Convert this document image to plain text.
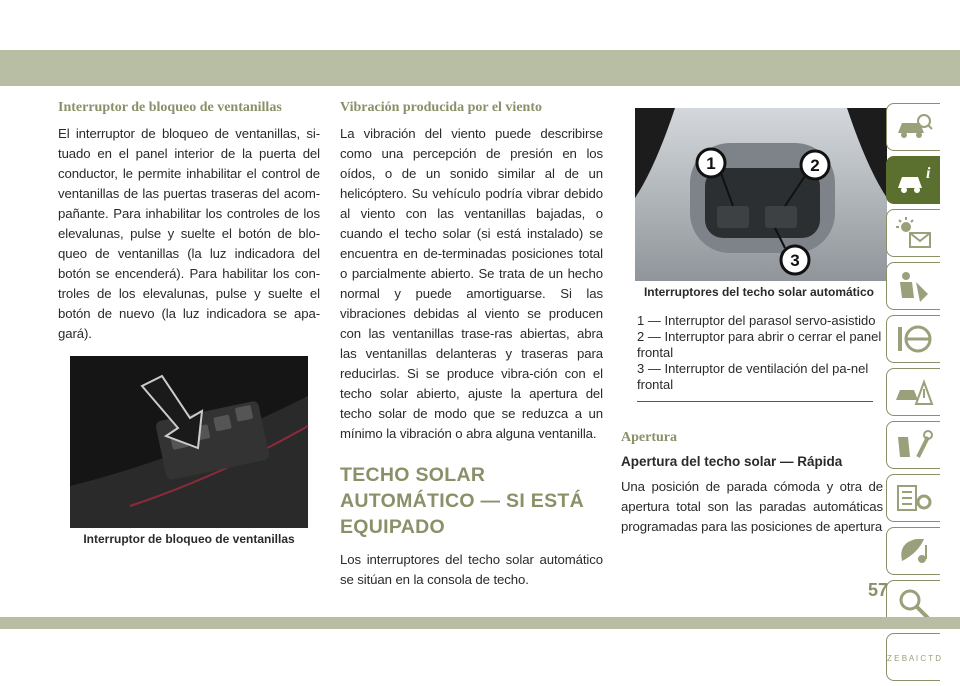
Interruptor de bloqueo de ventanillas

El interruptor de bloqueo de ventanillas, si-tuado en el panel interior de la puerta del conductor, le permite inhabilitar el control de ventanillas de las puertas traseras del acom-pañante. Para inhabilitar los controles de los elevalunas, pulse y suelte el botón de blo-queo de ventanillas (la luz indicadora del botón se encenderá). Para habilitar los con-troles de los elevalunas, pulse y suelte el botón de nuevo (la luz indicadora se apa-gará).

Interruptor de bloqueo de ventanillas

Vibración producida por el viento

La vibración del viento puede describirse como una percepción de presión en los oídos, o de un sonido similar al de un helicóptero. Su vehículo podría vibrar debido al viento con las ventanillas bajadas, o cuando el techo solar (si está instalado) se encuentra en de-terminadas posiciones total o parcialmente abierto. Se trata de un hecho normal y puede amortiguarse. Si las vibraciones debidas al viento se producen con las ventanillas trase-ras abiertas, abra las ventanillas delanteras y traseras para reducirlas. Si se produce vibra-ción con el techo solar abierto, ajuste la apertura del techo solar de modo que se reduzca a un mínimo la vibración o abra alguna ventanilla.

TECHO SOLAR AUTOMÁTICO — SI ESTÁ EQUIPADO

Los interruptores del techo solar automático se sitúan en la consola de techo.

1	2
3

Interruptores del techo solar automático

1 — Interruptor del parasol servo-asistido
2 — Interruptor para abrir o cerrar el panel frontal
3 — Interruptor de ventilación del pa-nel frontal
Apertura
Apertura del techo solar — Rápida

Una posición de parada cómoda y otra de apertura total son las paradas automáticas programadas para las posiciones de apertura

i
Z E B A I C T D
57
